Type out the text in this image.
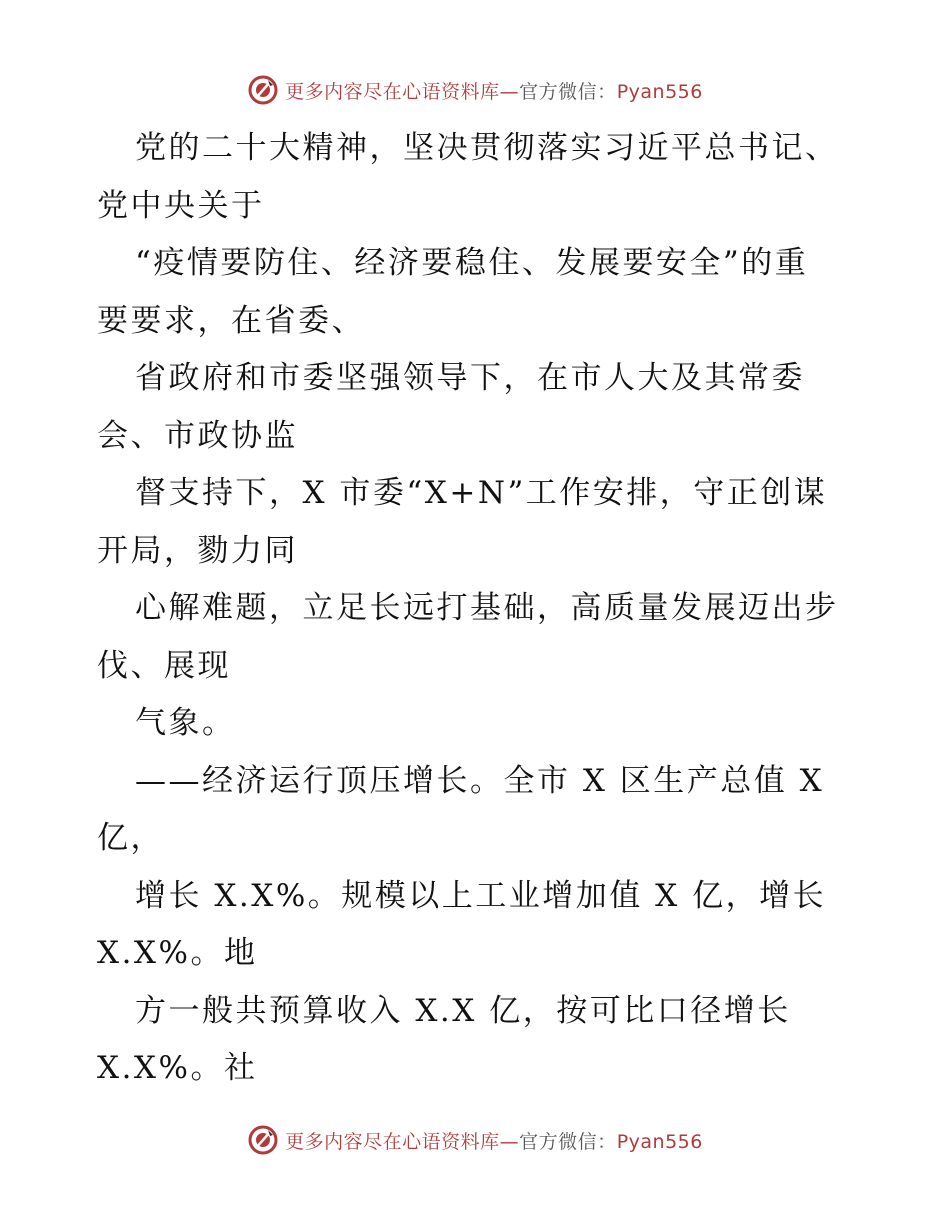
更多内容尽在心语资料库—官方微信：Pyan556
党的二十大精神，坚决贯彻落实习近平总书记、
党中央关于
“疫情要防住、经济要稳住、发展要安全”的重
要要求，在省委、
省政府和市委坚强领导下，在市人大及其常委
会、市政协监
督支持下，X 市委“X+N”工作安排，守正创谋
开局，勠力同
心解难题，立足长远打基础，高质量发展迈出步
伐、展现
气象。
——经济运行顶压增长。全市 X 区生产总值 X
亿，
增长 X.X%。规模以上工业增加值 X 亿，增长
X.X%。地
方一般共预算收入 X.X 亿，按可比口径增长
X.X%。社
更多内容尽在心语资料库—官方微信：Pyan556
